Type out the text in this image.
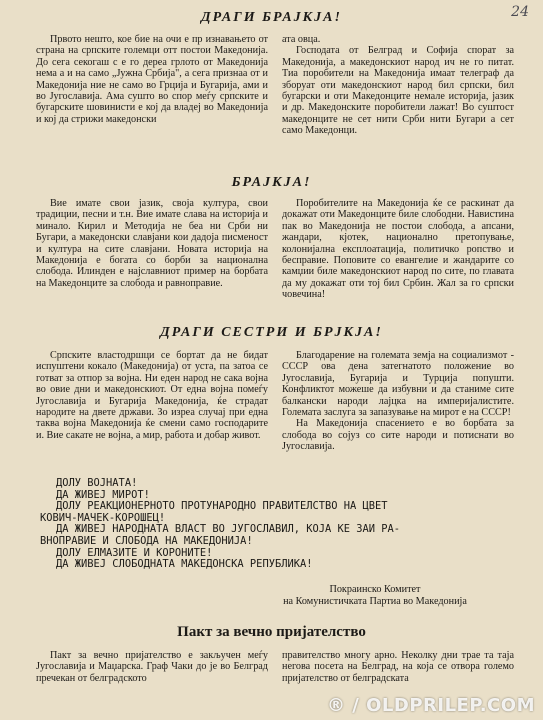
24
ДРАГИ БРАЈКЈА!

Првото нешто, кое бие на очи е пр изнавањето от страна на српските големци отт постои Македонија. До сега секогаш с е го дереа грлото от Македонија нема а и на само „Јужна Србија", а сега признаа от и Македонија ние не само во Грција и Бугарија, ами и во Југославија. Ама сушто во спор меѓу српските и бугарските шовинисти е кој да владеј во Македонија и кој да стрижи македонски

ата овца.

Господата от Белград и Софија спорат за Македонија, а македонскиот народ ич не го питат. Тиа поробители на Македонија имаат телеграф да зборуат оти македонскиот народ бил српски, бил бугарски и оти Македонците немале историја, јазик и др. Македонските поробители лажат! Во суштост македонците не сет нити Срби нити Бугари а сет само Македонци.

БРАЈКЈА!

Вие имате свои јазик, своја култура, свои традиции, песни и т.н. Вие имате слава на историја и минало. Кирил и Методија не беа ни Срби ни Бугари, а македонски славјани кои дадоја писменост и култура на сите славјани. Новата историја на Македонија е богата со борби за национална слобода. Илинден е најславниот пример на борбата на Македонците за слобода и равноправие.

Поробителите на Македонија ќе се раскинат да докажат оти Македонците биле слободни. Навистина пак во Македонија не постои слобода, а апсани, жандари, кјотек, национално претопување, колонијална експлоатација, политичко ропство и бесправие. Поповите со евангелие и жандарите со камџии биле македонскиот народ по сите, по главата да му докажат оти тој бил Србин. Жал за го српски човечина!

ДРАГИ СЕСТРИ И БРЈКЈА!

Српските властодршци се бортат да не бидат испуштени кокало (Македонија) от уста, па затоа се готват за отпор за војна. Ни еден народ не сака војна во овие дни и македонскиот. От една војна помеѓу Југославија и Бугарија Македонија, ќе страдат народите на двете држави. Зо изреа случај при една таква војна Македонија ќе смени само господарите и. Вие сакате не војна, а мир, работа и добар живот.

Благодарение на големата земја на социализмот - СССР ова дена затегнатото положение во Југославија, Бугарија и Турција попушти. Конфликтот можеше да избувни и да станиме сите балкански народи лајцка на империјалистите. Големата заслуга за запазување на мирот е на СССР!

На Македонија спасението е во борбата за слобода во сојуз со сите народи и потиснати во Југославија.

ДОЛУ ВОЈНАТА!
ДА ЖИВЕЈ МИРОТ!
ДОЛУ РЕАКЦИОНЕРНОТО ПРОТУНАРОДНО ПРАВИТЕЛСТВО НА ЦВЕТ
КОВИЧ-МАЧЕК-КОРОШЕЦ!
ДА ЖИВЕЈ НАРОДНАТА ВЛАСТ ВО ЈУГОСЛАВИЛ, КОЈА КЕ ЗАИ РА-
ВНОПРАВИЕ И СЛОБОДА НА МАКЕДОНИЈА!
ДОЛУ ЕЛМАЗИТЕ И КОРОНИТЕ!
ДА ЖИВЕЈ СЛОБОДНАТА МАКЕДОНСКА РЕПУБЛИКА!
Покраинско Комитет
на Комунистичката Партиа во Македонија
Пакт за вечно пријателство

Пакт за вечно пријателство е закључен меѓу Југославија и Маџарска. Граф Чаки до је во Белград пречекан от белградското

правителство многу арно. Неколку дни трае та таја негова посета на Белград, на која се отвора големо пријателство от белградската

® / OLDPRILEP.COM
